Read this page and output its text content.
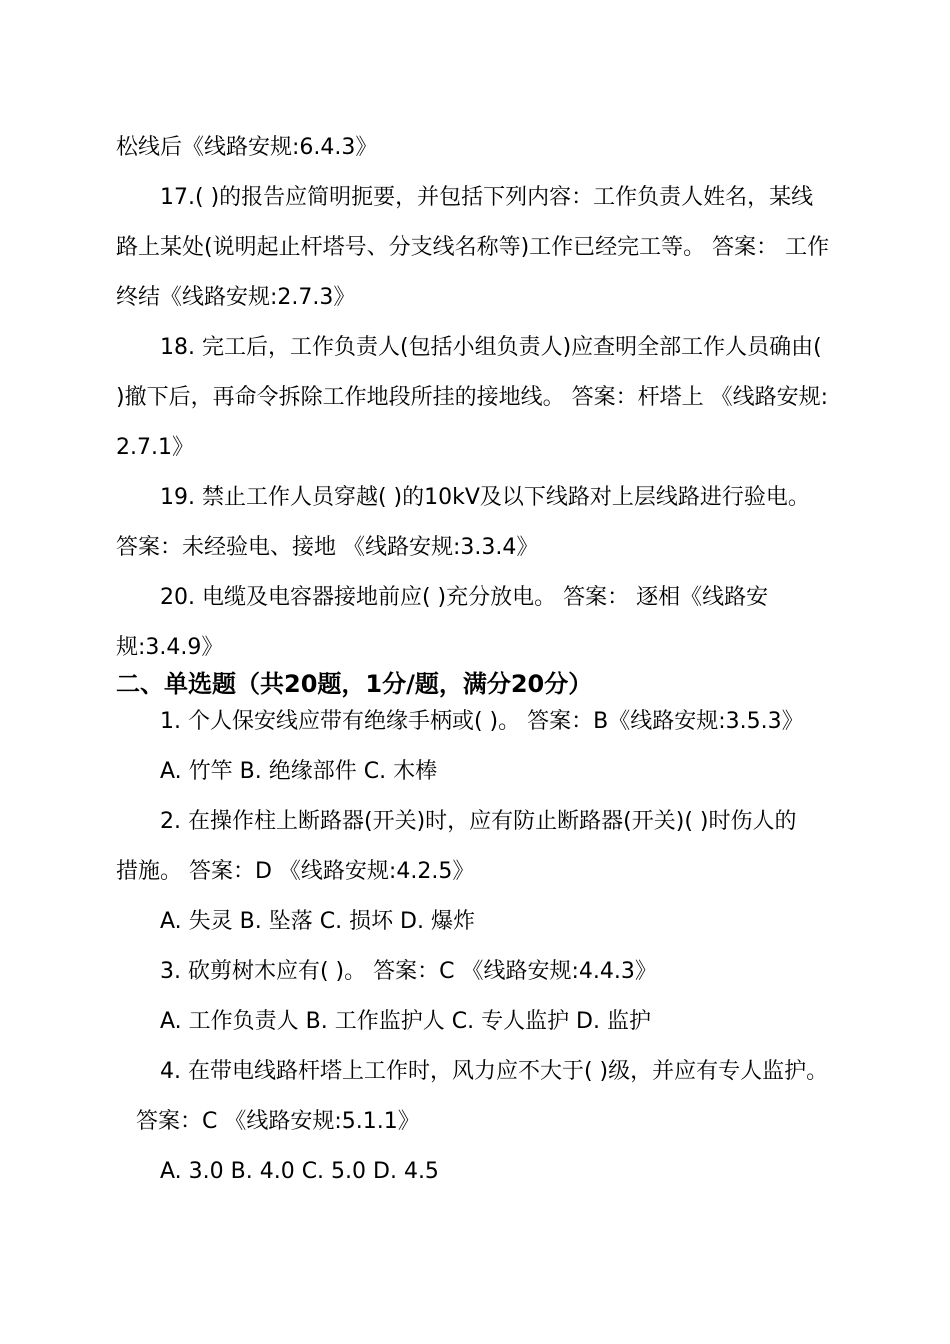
松线后《线路安规:6.4.3》
17.( )的报告应简明扼要，并包括下列内容：工作负责人姓名，某线
路上某处(说明起止杆塔号、分支线名称等)工作已经完工等。 答案： 工作
终结《线路安规:2.7.3》
18. 完工后，工作负责人(包括小组负责人)应查明全部工作人员确由(
)撤下后，再命令拆除工作地段所挂的接地线。 答案：杆塔上 《线路安规:
2.7.1》
19. 禁止工作人员穿越( )的10kV及以下线路对上层线路进行验电。
答案：未经验电、接地 《线路安规:3.3.4》
20. 电缆及电容器接地前应( )充分放电。 答案： 逐相《线路安
规:3.4.9》
二、单选题（共20题，1分/题，满分20分）
1. 个人保安线应带有绝缘手柄或( )。 答案：B《线路安规:3.5.3》
A. 竹竿 B. 绝缘部件 C. 木棒
2. 在操作柱上断路器(开关)时，应有防止断路器(开关)( )时伤人的
措施。 答案：D 《线路安规:4.2.5》
A. 失灵 B. 坠落 C. 损坏 D. 爆炸
3. 砍剪树木应有( )。 答案：C 《线路安规:4.4.3》
A. 工作负责人 B. 工作监护人 C. 专人监护 D. 监护
4. 在带电线路杆塔上工作时，风力应不大于( )级，并应有专人监护。
答案：C 《线路安规:5.1.1》
A. 3.0 B. 4.0 C. 5.0 D. 4.5
